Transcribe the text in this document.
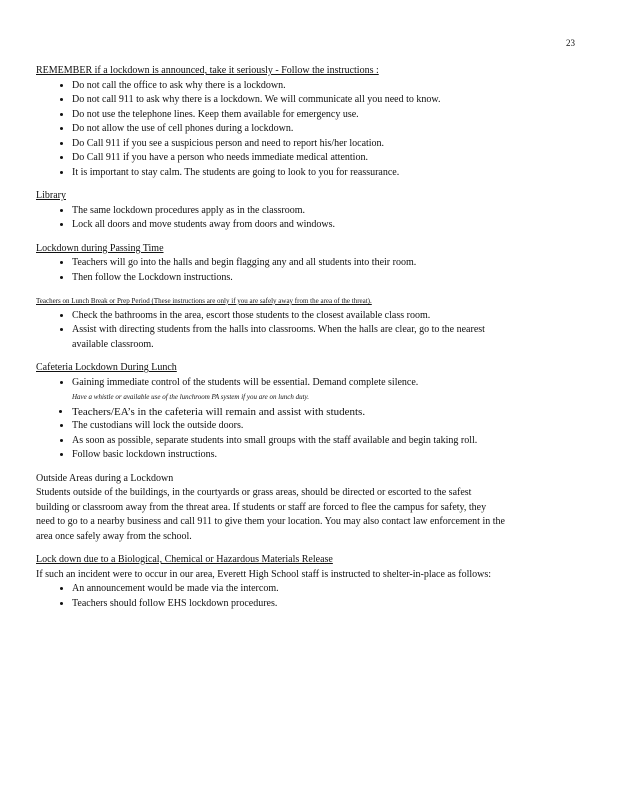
23
REMEMBER if a lockdown is announced, take it seriously - Follow the instructions :
• Do not call the office to ask why there is a lockdown.
• Do not call 911 to ask why there is a lockdown. We will communicate all you need to know.
• Do not use the telephone lines. Keep them available for emergency use.
• Do not allow the use of cell phones during a lockdown.
• Do Call 911 if you see a suspicious person and need to report his/her location.
• Do Call 911 if you have a person who needs immediate medical attention.
• It is important to stay calm. The students are going to look to you for reassurance.
Library
• The same lockdown procedures apply as in the classroom.
• Lock all doors and move students away from doors and windows.
Lockdown during Passing Time
• Teachers will go into the halls and begin flagging any and all students into their room.
• Then follow the Lockdown instructions.
Teachers on Lunch Break or Prep Period (These instructions are only if you are safely away from the area of the threat).
• Check the bathrooms in the area, escort those students to the closest available class room.
• Assist with directing students from the halls into classrooms. When the halls are clear, go to the nearest available classroom.
Cafeteria Lockdown During Lunch
• Gaining immediate control of the students will be essential. Demand complete silence.
Have a whistle or available use of the lunchroom PA system if you are on lunch duty.
• Teachers/EA’s in the cafeteria will remain and assist with students.
• The custodians will lock the outside doors.
• As soon as possible, separate students into small groups with the staff available and begin taking roll.
• Follow basic lockdown instructions.
Outside Areas during a Lockdown

Students outside of the buildings, in the courtyards or grass areas, should be directed or escorted to the safest building or classroom away from the threat area. If students or staff are forced to flee the campus for safety, they need to go to a nearby business and call 911 to give them your location. You may also contact law enforcement in the area once safely away from the school.

Lock down due to a Biological, Chemical or Hazardous Materials Release

If such an incident were to occur in our area, Everett High School staff is instructed to shelter-in-place as follows:

• An announcement would be made via the intercom.
• Teachers should follow EHS lockdown procedures.
